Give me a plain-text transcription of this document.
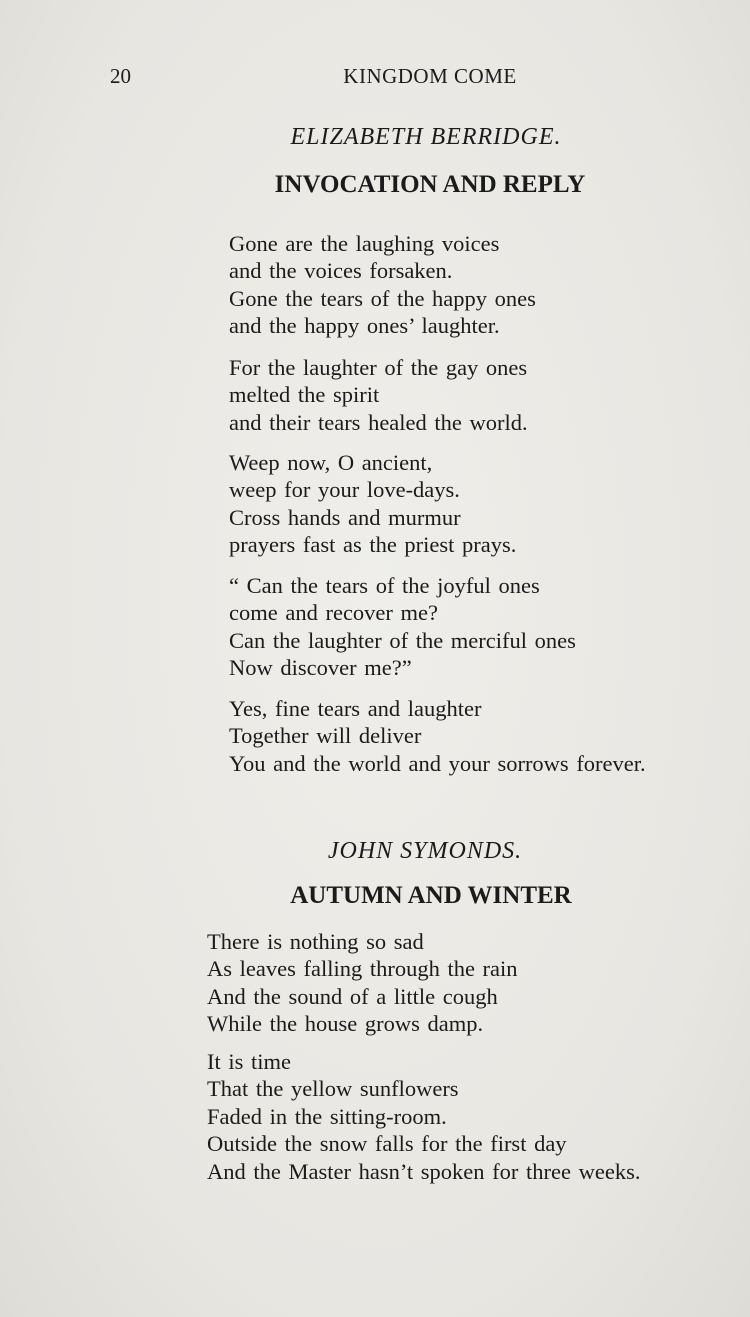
20	KINGDOM COME
ELIZABETH BERRIDGE.
INVOCATION AND REPLY
Gone are the laughing voices
and the voices forsaken.
Gone the tears of the happy ones
and the happy ones’ laughter.
For the laughter of the gay ones
melted the spirit
and their tears healed the world.
Weep now, O ancient,
weep for your love-days.
Cross hands and murmur
prayers fast as the priest prays.
“ Can the tears of the joyful ones
come and recover me?
Can the laughter of the merciful ones
Now discover me?”
Yes, fine tears and laughter
Together will deliver
You and the world and your sorrows forever.
JOHN SYMONDS.
AUTUMN AND WINTER
There is nothing so sad
As leaves falling through the rain
And the sound of a little cough
While the house grows damp.
It is time
That the yellow sunflowers
Faded in the sitting-room.
Outside the snow falls for the first day
And the Master hasn’t spoken for three weeks.
